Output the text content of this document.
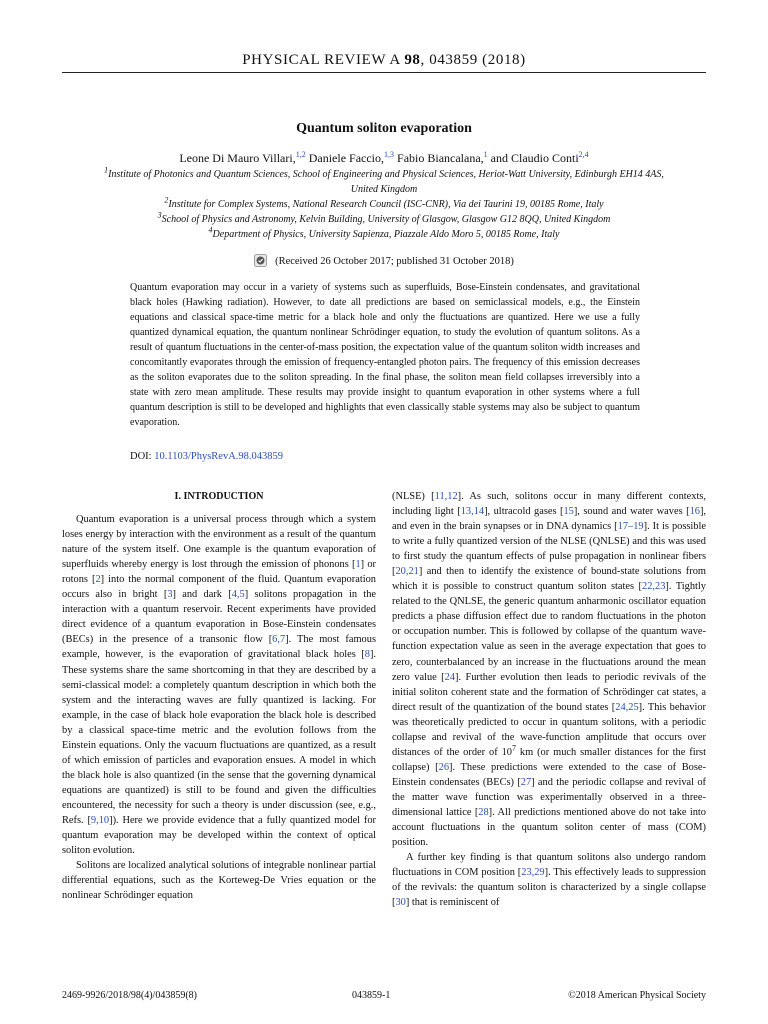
PHYSICAL REVIEW A 98, 043859 (2018)
Quantum soliton evaporation
Leone Di Mauro Villari,$^{1,2}$ Daniele Faccio,$^{1,3}$ Fabio Biancalana,$^1$ and Claudio Conti$^{2,4}$
$^1$Institute of Photonics and Quantum Sciences, School of Engineering and Physical Sciences, Heriot-Watt University, Edinburgh EH14 4AS, United Kingdom
$^2$Institute for Complex Systems, National Research Council (ISC-CNR), Via dei Taurini 19, 00185 Rome, Italy
$^3$School of Physics and Astronomy, Kelvin Building, University of Glasgow, Glasgow G12 8QQ, United Kingdom
$^4$Department of Physics, University Sapienza, Piazzale Aldo Moro 5, 00185 Rome, Italy
(Received 26 October 2017; published 31 October 2018)
Quantum evaporation may occur in a variety of systems such as superfluids, Bose-Einstein condensates, and gravitational black holes (Hawking radiation). However, to date all predictions are based on semiclassical models, e.g., the Einstein equations and classical space-time metric for a black hole and only the fluctuations are quantized. Here we use a fully quantized dynamical equation, the quantum nonlinear Schrödinger equation, to study the evolution of quantum solitons. As a result of quantum fluctuations in the center-of-mass position, the expectation value of the quantum soliton width increases and concomitantly evaporates through the emission of frequency-entangled photon pairs. The frequency of this emission decreases as the soliton evaporates due to the soliton spreading. In the final phase, the soliton mean field collapses irreversibly into a state with zero mean amplitude. These results may provide insight to quantum evaporation in other systems where a full quantum description is still to be developed and highlights that even classically stable systems may also be subject to quantum evaporation.
DOI: 10.1103/PhysRevA.98.043859
I. INTRODUCTION

Quantum evaporation is a universal process through which a system loses energy by interaction with the environment as a result of the quantum nature of the system itself. One example is the quantum evaporation of superfluids whereby energy is lost through the emission of phonons [1] or rotons [2] into the normal component of the fluid. Quantum evaporation occurs also in bright [3] and dark [4,5] solitons propagation in the interaction with a quantum reservoir. Recent experiments have provided direct evidence of a quantum evaporation in Bose-Einstein condensates (BECs) in the presence of a transonic flow [6,7]. The most famous example, however, is the evaporation of gravitational black holes [8]. These systems share the same shortcoming in that they are described by a semi-classical model: a completely quantum description in which both the system and the interacting waves are fully quantized is lacking. For example, in the case of black hole evaporation the black hole is described by a classical space-time metric and the evolution follows from the Einstein equations. Only the vacuum fluctuations are quantized, as a result of which emission of particles and evaporation ensues. A model in which the black hole is also quantized (in the sense that the governing dynamical equations are quantized) is still to be found and given the difficulties encountered, the necessity for such a theory is under discussion (see, e.g., Refs. [9,10]). Here we provide evidence that a fully quantized model for quantum evaporation may be developed within the context of optical soliton evolution.

Solitons are localized analytical solutions of integrable nonlinear partial differential equations, such as the Korteweg-De Vries equation or the nonlinear Schrödinger equation

(NLSE) [11,12]. As such, solitons occur in many different contexts, including light [13,14], ultracold gases [15], sound and water waves [16], and even in the brain synapses or in DNA dynamics [17–19]. It is possible to write a fully quantized version of the NLSE (QNLSE) and this was used to first study the quantum effects of pulse propagation in nonlinear fibers [20,21] and then to identify the existence of bound-state solutions from which it is possible to construct quantum soliton states [22,23]. Tightly related to the QNLSE, the generic quantum anharmonic oscillator equation predicts a phase diffusion effect due to random fluctuations in the photon or occupation number. This is followed by collapse of the quantum wave-function expectation value as seen in the average expectation that goes to zero, counterbalanced by an increase in the fluctuations around the mean zero value [24]. Further evolution then leads to periodic revivals of the initial soliton coherent state and the formation of Schrödinger cat states, a direct result of the quantization of the bound states [24,25]. This behavior was theoretically predicted to occur in quantum solitons, with a periodic collapse and revival of the wave-function amplitude that occurs over distances of the order of $10^7$ km (or much smaller distances for the first collapse) [26]. These predictions were extended to the case of Bose-Einstein condensates (BECs) [27] and the periodic collapse and revival of the matter wave function was experimentally observed in a three-dimensional lattice [28]. All predictions mentioned above do not take into account fluctuations in the quantum soliton center of mass (COM) position.

A further key finding is that quantum solitons also undergo random fluctuations in COM position [23,29]. This effectively leads to suppression of the revivals: the quantum soliton is characterized by a single collapse [30] that is reminiscent of

2469-9926/2018/98(4)/043859(8)	043859-1	©2018 American Physical Society
